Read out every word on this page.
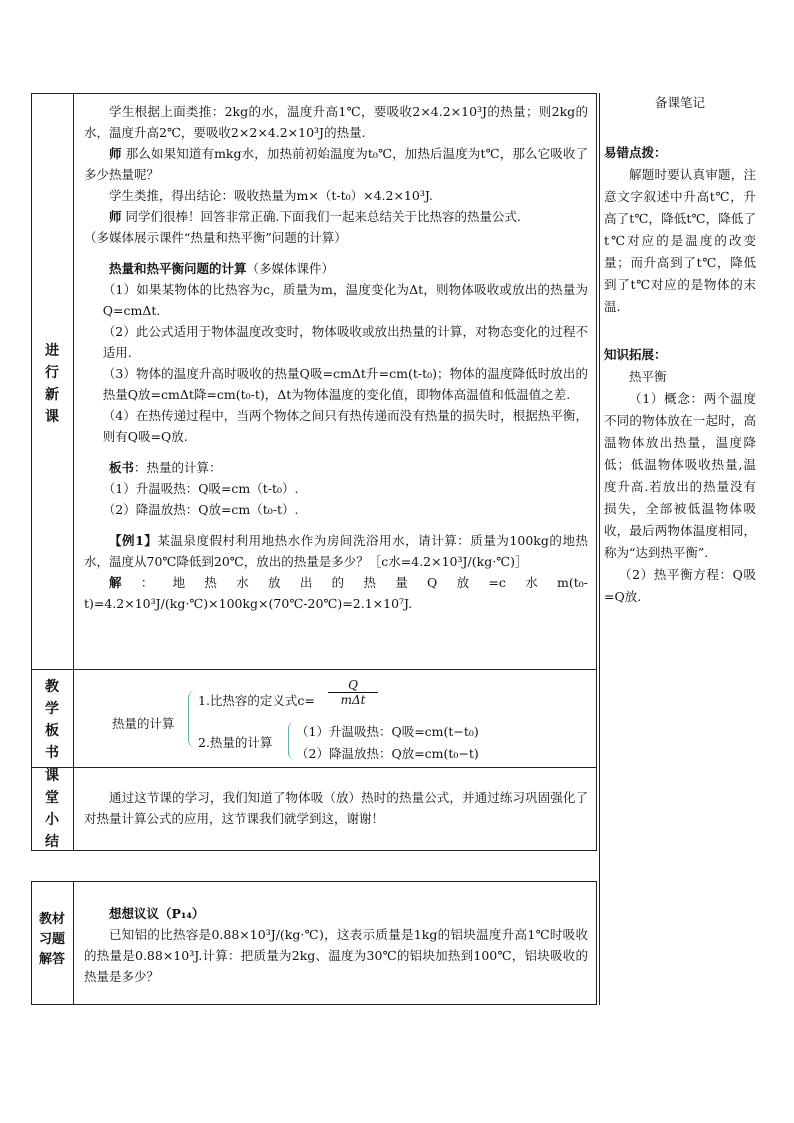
进
行
新
课

学生根据上面类推：2kg的水，温度升高1℃，要吸收2×4.2×10³J的热量；则2kg的水，温度升高2℃，要吸收2×2×4.2×10³J的热量.

师 那么如果知道有mkg水，加热前初始温度为t₀℃，加热后温度为t℃，那么它吸收了多少热量呢？

学生类推，得出结论：吸收热量为m×（t-t₀）×4.2×10³J.

师 同学们很棒！回答非常正确.下面我们一起来总结关于比热容的热量公式.

（多媒体展示课件“热量和热平衡”问题的计算）

热量和热平衡问题的计算（多媒体课件）

（1）如果某物体的比热容为c，质量为m，温度变化为Δt，则物体吸收或放出的热量为Q=cmΔt.

（2）此公式适用于物体温度改变时，物体吸收或放出热量的计算，对物态变化的过程不适用.

（3）物体的温度升高时吸收的热量Q吸=cmΔt升=cm(t-t₀)；物体的温度降低时放出的热量Q放=cmΔt降=cm(t₀-t)，Δt为物体温度的变化值，即物体高温值和低温值之差.

（4）在热传递过程中，当两个物体之间只有热传递而没有热量的损失时，根据热平衡，则有Q吸=Q放.

板书：热量的计算：

（1）升温吸热：Q吸=cm（t-t₀）.

（2）降温放热：Q放=cm（t₀-t）.

【例1】某温泉度假村利用地热水作为房间洗浴用水，请计算：质量为100kg的地热水，温度从70℃降低到20℃，放出的热量是多少？［c水=4.2×10³J/(kg·℃)］

解：地热水放出的热量Q放=c水m(t₀-t)=4.2×10³J/(kg·℃)×100kg×(70℃-20℃)=2.1×10⁷J.

教
学
板
书
热量的计算
1.比热容的定义式c=
Q
mΔt
2.热量的计算
（1）升温吸热：Q吸=cm(t−t₀)
（2）降温放热：Q放=cm(t₀−t)
课
堂
小
结

通过这节课的学习，我们知道了物体吸（放）热时的热量公式，并通过练习巩固强化了对热量计算公式的应用，这节课我们就学到这，谢谢！

教材
习题
解答

想想议议（P₁₄）

已知铝的比热容是0.88×10³J/(kg·℃)，这表示质量是1kg的铝块温度升高1℃时吸收的热量是0.88×10³J.计算：把质量为2kg、温度为30℃的铝块加热到100℃，铝块吸收的热量是多少？

备课笔记

易错点拨：

解题时要认真审题，注意文字叙述中升高t℃，升高了t℃，降低t℃，降低了t℃对应的是温度的改变量；而升高到了t℃，降低到了t℃对应的是物体的末温.

知识拓展：

热平衡

（1）概念：两个温度不同的物体放在一起时，高温物体放出热量，温度降低；低温物体吸收热量,温度升高.若放出的热量没有损失，全部被低温物体吸收，最后两物体温度相同，称为“达到热平衡”.

（2）热平衡方程：Q吸=Q放.
